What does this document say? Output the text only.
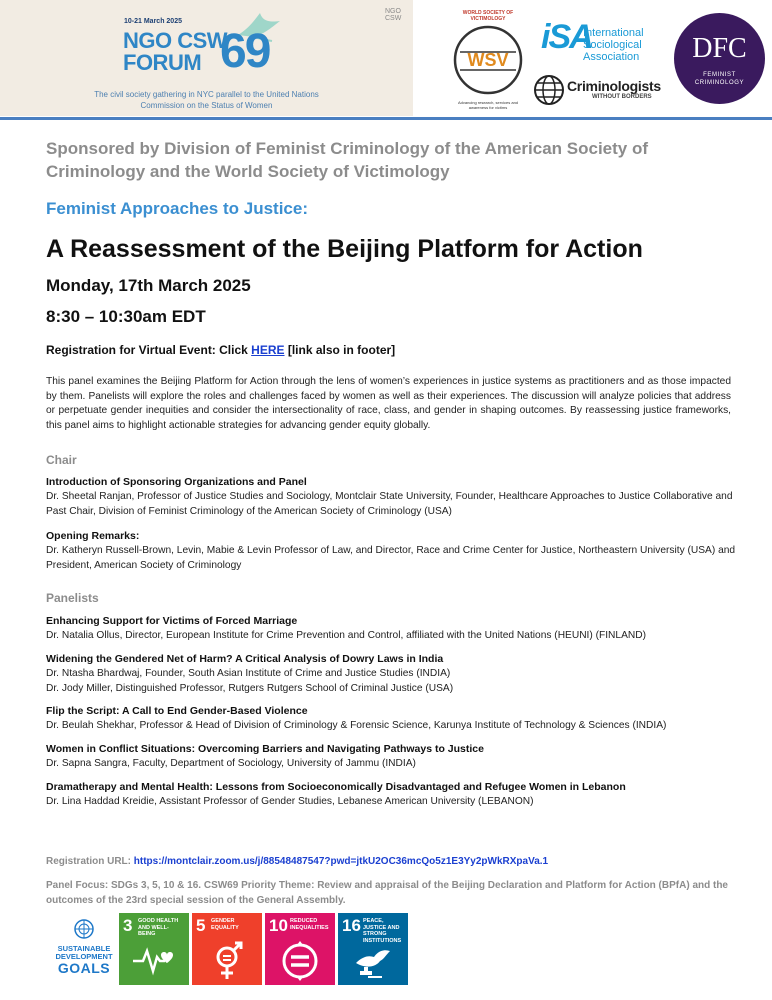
10-21 March 2025
NGO CSW
FORUM 69
The civil society gathering in NYC parallel to the United Nations
Commission on the Status of Women
NGO CSW
WORLD SOCIETY OF VICTIMOLOGY
WSV
Advancing research, services and awareness for victims
iSA
International
Sociological
Association
Criminologists
WITHOUT BORDERS
DFC
FEMINIST
CRIMINOLOGY
Sponsored by Division of Feminist Criminology of the American Society of Criminology and the World Society of Victimology
Feminist Approaches to Justice:
A Reassessment of the Beijing Platform for Action
Monday, 17th March 2025
8:30 – 10:30am EDT
Registration for Virtual Event: Click HERE [link also in footer]
This panel examines the Beijing Platform for Action through the lens of women’s experiences in justice systems as practitioners and as those impacted by them. Panelists will explore the roles and challenges faced by women as well as their experiences. The discussion will analyze policies that address or perpetuate gender inequities and consider the intersectionality of race, class, and gender in shaping outcomes. By reassessing justice frameworks, this panel aims to highlight actionable strategies for advancing gender equity globally.
Chair
Introduction of Sponsoring Organizations and Panel
Dr. Sheetal Ranjan, Professor of Justice Studies and Sociology, Montclair State University, Founder, Healthcare Approaches to Justice Collaborative and Past Chair, Division of Feminist Criminology of the American Society of Criminology (USA)
Opening Remarks:
Dr. Katheryn Russell-Brown, Levin, Mabie & Levin Professor of Law, and Director, Race and Crime Center for Justice, Northeastern University (USA) and President, American Society of Criminology
Panelists
Enhancing Support for Victims of Forced Marriage
Dr. Natalia Ollus, Director, European Institute for Crime Prevention and Control, affiliated with the United Nations (HEUNI) (FINLAND)
Widening the Gendered Net of Harm? A Critical Analysis of Dowry Laws in India
Dr. Ntasha Bhardwaj, Founder, South Asian Institute of Crime and Justice Studies (INDIA)
Dr. Jody Miller, Distinguished Professor, Rutgers Rutgers School of Criminal Justice (USA)
Flip the Script: A Call to End Gender-Based Violence
Dr. Beulah Shekhar, Professor & Head of Division of Criminology & Forensic Science, Karunya Institute of Technology & Sciences (INDIA)
Women in Conflict Situations: Overcoming Barriers and Navigating Pathways to Justice
Dr. Sapna Sangra, Faculty, Department of Sociology, University of Jammu (INDIA)
Dramatherapy and Mental Health: Lessons from Socioeconomically Disadvantaged and Refugee Women in Lebanon
Dr. Lina Haddad Kreidie, Assistant Professor of Gender Studies, Lebanese American University (LEBANON)
Registration URL: https://montclair.zoom.us/j/88548487547?pwd=jtkU2OC36mcQo5z1E3Yy2pWkRXpaVa.1
Panel Focus: SDGs 3, 5, 10 & 16. CSW69 Priority Theme: Review and appraisal of the Beijing Declaration and Platform for Action (BPfA) and the outcomes of the 23rd special session of the General Assembly.
SUSTAINABLE
DEVELOPMENT
GOALS
3 GOOD HEALTH AND WELL-BEING	5 GENDER EQUALITY	10 REDUCED INEQUALITIES 16 PEACE, JUSTICE AND STRONG INSTITUTIONS
